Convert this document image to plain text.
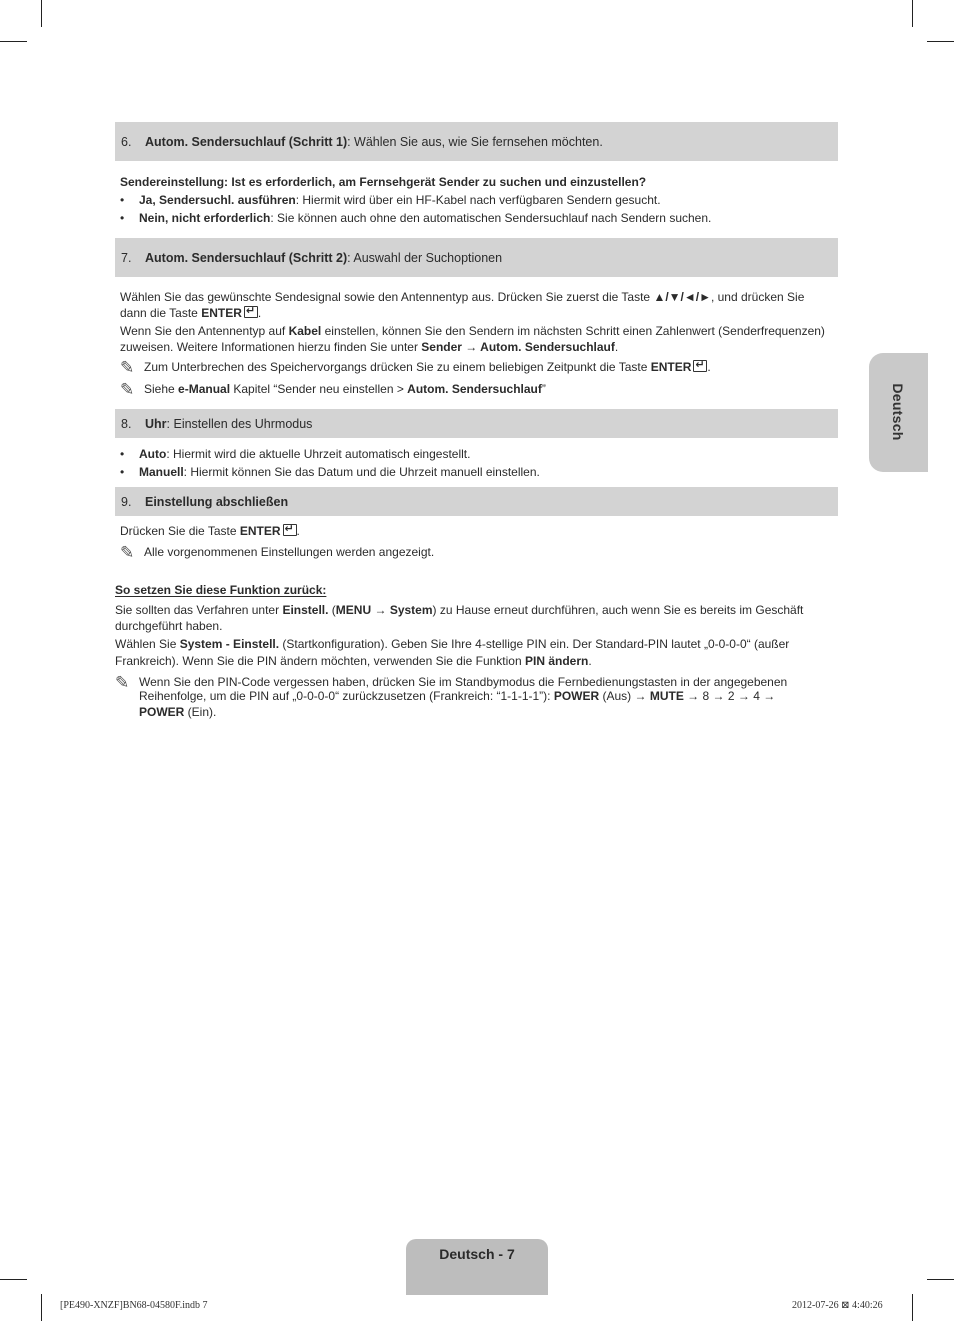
6.	Autom. Sendersuchlauf (Schritt 1) : Wählen Sie aus, wie Sie fernsehen möchten.
Sendereinstellung: Ist es erforderlich, am Fernsehgerät Sender zu suchen und einzustellen?
• Ja, Sendersuchl. ausführen: Hiermit wird über ein HF-Kabel nach verfügbaren Sendern gesucht.
• Nein, nicht erforderlich: Sie können auch ohne den automatischen Sendersuchlauf nach Sendern suchen.
7.	Autom. Sendersuchlauf (Schritt 2) : Auswahl der Suchoptionen
Wählen Sie das gewünschte Sendesignal sowie den Antennentyp aus. Drücken Sie zuerst die Taste ▲/▼/◄/►, und drücken Sie
dann die Taste ENTER ↵ .
Wenn Sie den Antennentyp auf Kabel einstellen, können Sie den Sendern im nächsten Schritt einen Zahlenwert (Senderfrequenzen)
zuweisen. Weitere Informationen hierzu finden Sie unter Sender → Autom. Sendersuchlauf.
✎ Zum Unterbrechen des Speichervorgangs drücken Sie zu einem beliebigen Zeitpunkt die Taste ENTER ↵ .
✎ Siehe e-Manual Kapitel “Sender neu einstellen > Autom. Sendersuchlauf”
8.	Uhr : Einstellen des Uhrmodus
• Auto: Hiermit wird die aktuelle Uhrzeit automatisch eingestellt.
• Manuell: Hiermit können Sie das Datum und die Uhrzeit manuell einstellen.
9.	Einstellung abschließen
Drücken Sie die Taste ENTER ↵ .
✎ Alle vorgenommenen Einstellungen werden angezeigt.
So setzen Sie diese Funktion zurück:
Sie sollten das Verfahren unter Einstell. (MENU → System) zu Hause erneut durchführen, auch wenn Sie es bereits im Geschäft
durchgeführt haben.
Wählen Sie System - Einstell. (Startkonfiguration). Geben Sie Ihre 4-stellige PIN ein. Der Standard-PIN lautet „0-0-0-0“ (außer
Frankreich). Wenn Sie die PIN ändern möchten, verwenden Sie die Funktion PIN ändern.
✎ Wenn Sie den PIN-Code vergessen haben, drücken Sie im Standbymodus die Fernbedienungstasten in der angegebenen
Reihenfolge, um die PIN auf „0-0-0-0“ zurückzusetzen (Frankreich: “1-1-1-1”): POWER (Aus) → MUTE → 8 → 2 → 4 →
POWER (Ein).
Deutsch
Deutsch - 7
[PE490-XNZF]BN68-04580F.indb 7	2012-07-26 ⊠ 4:40:26
